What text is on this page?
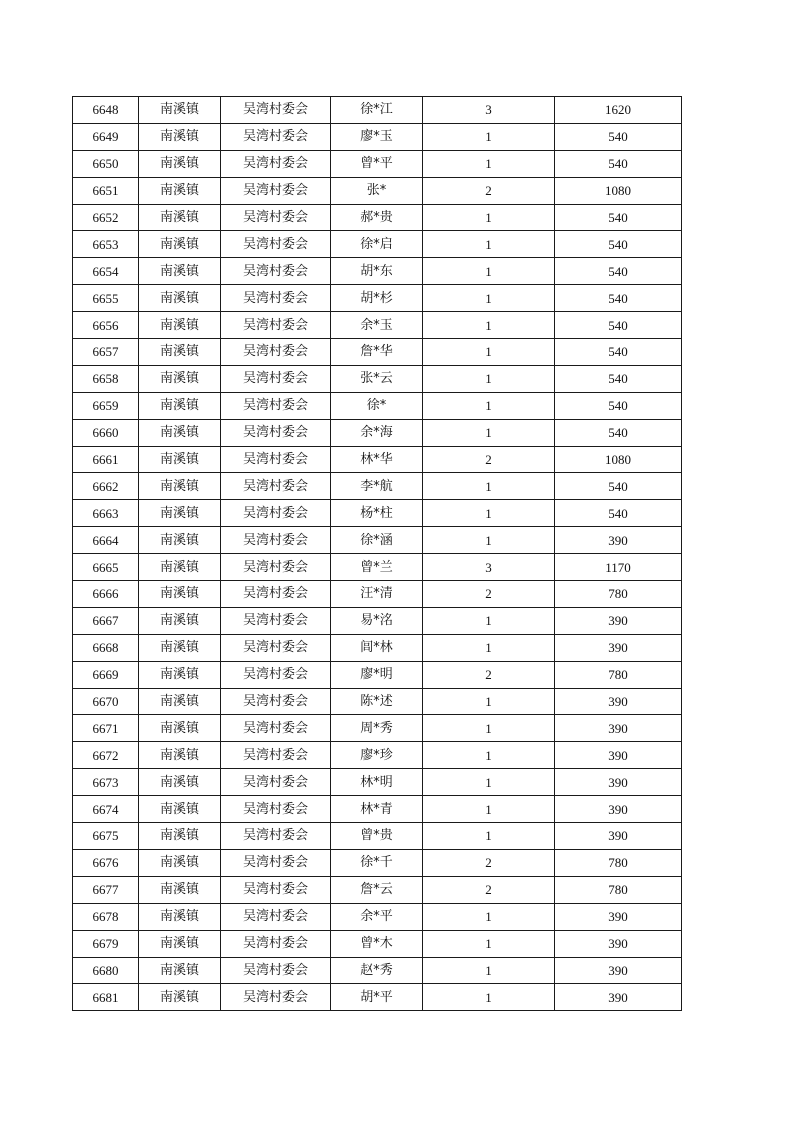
6648	南溪镇	吴湾村委会	徐*江	3	1620
6649	南溪镇	吴湾村委会	廖*玉	1	540
6650	南溪镇	吴湾村委会	曾*平	1	540
6651	南溪镇	吴湾村委会	张*	2	1080
6652	南溪镇	吴湾村委会	郝*贵	1	540
6653	南溪镇	吴湾村委会	徐*启	1	540
6654	南溪镇	吴湾村委会	胡*东	1	540
6655	南溪镇	吴湾村委会	胡*杉	1	540
6656	南溪镇	吴湾村委会	余*玉	1	540
6657	南溪镇	吴湾村委会	詹*华	1	540
6658	南溪镇	吴湾村委会	张*云	1	540
6659	南溪镇	吴湾村委会	徐*	1	540
6660	南溪镇	吴湾村委会	余*海	1	540
6661	南溪镇	吴湾村委会	林*华	2	1080
6662	南溪镇	吴湾村委会	李*航	1	540
6663	南溪镇	吴湾村委会	杨*柱	1	540
6664	南溪镇	吴湾村委会	徐*涵	1	390
6665	南溪镇	吴湾村委会	曾*兰	3	1170
6666	南溪镇	吴湾村委会	汪*清	2	780
6667	南溪镇	吴湾村委会	易*洺	1	390
6668	南溪镇	吴湾村委会	闾*林	1	390
6669	南溪镇	吴湾村委会	廖*明	2	780
6670	南溪镇	吴湾村委会	陈*述	1	390
6671	南溪镇	吴湾村委会	周*秀	1	390
6672	南溪镇	吴湾村委会	廖*珍	1	390
6673	南溪镇	吴湾村委会	林*明	1	390
6674	南溪镇	吴湾村委会	林*青	1	390
6675	南溪镇	吴湾村委会	曾*贵	1	390
6676	南溪镇	吴湾村委会	徐*千	2	780
6677	南溪镇	吴湾村委会	詹*云	2	780
6678	南溪镇	吴湾村委会	余*平	1	390
6679	南溪镇	吴湾村委会	曾*木	1	390
6680	南溪镇	吴湾村委会	赵*秀	1	390
6681	南溪镇	吴湾村委会	胡*平	1	390
